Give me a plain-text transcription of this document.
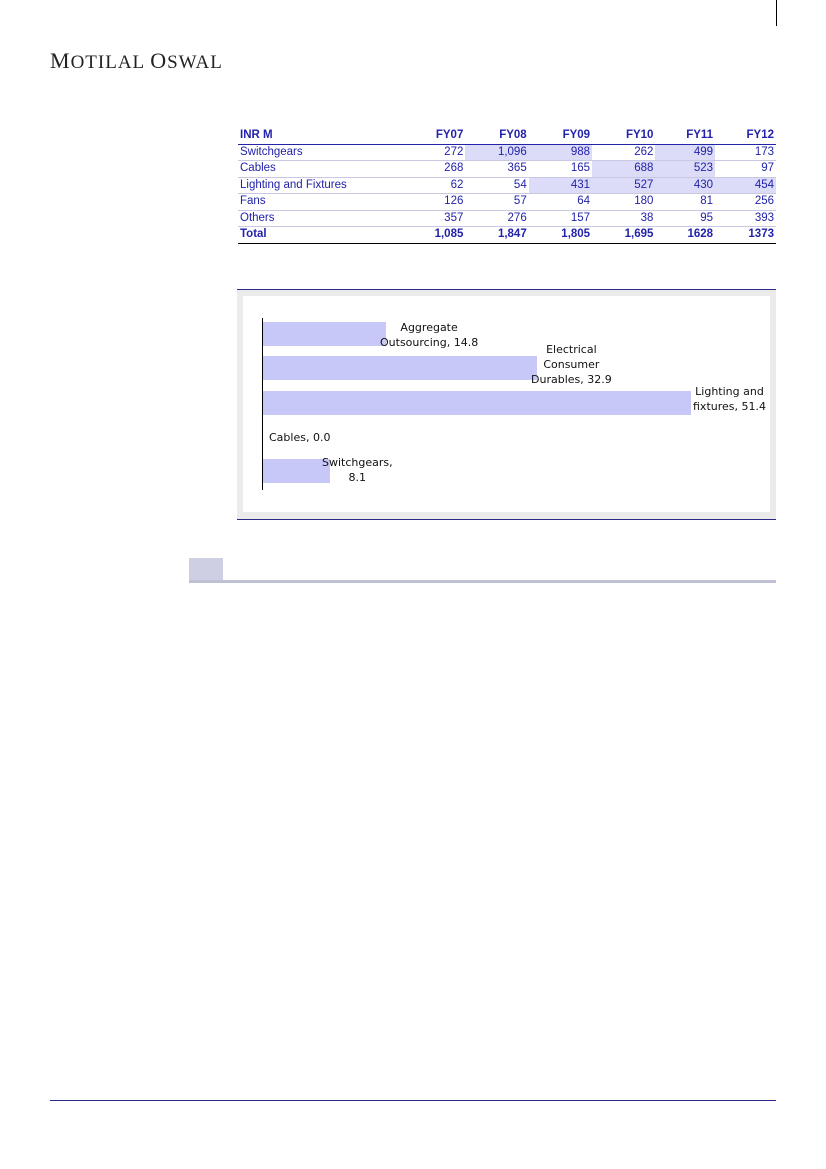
MOTILAL OSWAL
INR M	FY07	FY08	FY09	FY10	FY11	FY12
Switchgears	272	1,096	988	262	499	173
Cables	268	365	165	688	523	97
Lighting and Fixtures	62	54	431	527	430	454
Fans	126	57	64	180	81	256
Others	357	276	157	38	95	393
Total	1,085	1,847	1,805	1,695	1628	1373
Aggregate
Outsourcing, 14.8
Electrical
Consumer
Durables, 32.9
Lighting and
fixtures, 51.4
Cables, 0.0
Switchgears,
8.1
